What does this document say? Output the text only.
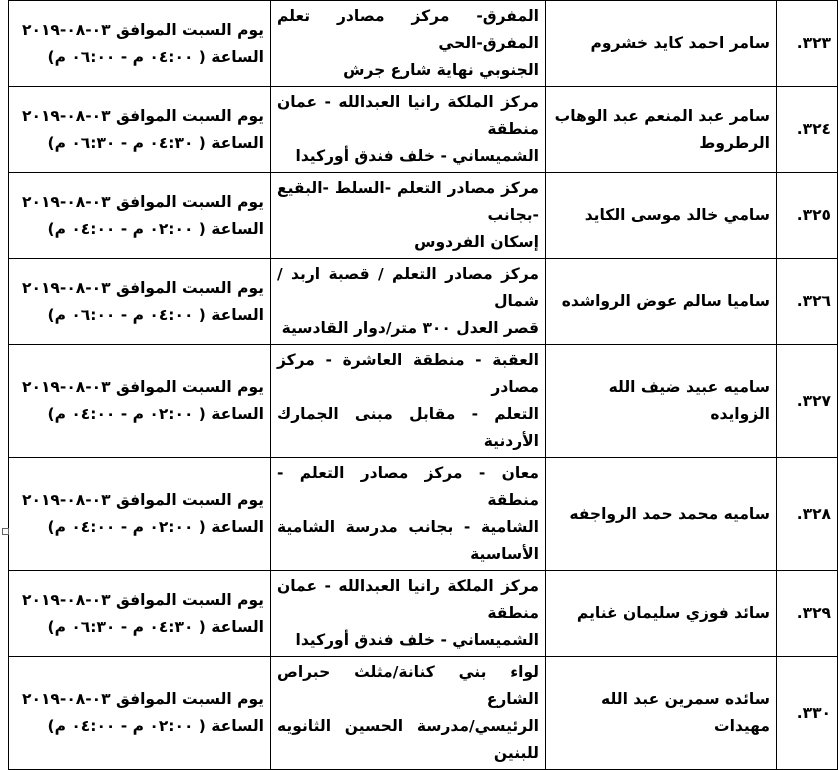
٣٢٣.	سامر احمد كايد خشروم	المفرق- مركز مصادر تعلم المفرق-الحي
الجنوبي نهاية شارع جرش	يوم السبت الموافق ٠٣-٠٨-٢٠١٩
الساعة ( ٠٤:٠٠ م - ٠٦:٠٠ م)

٣٢٤.	سامر عبد المنعم عبد الوهاب الرطروط	مركز الملكة رانيا العبدالله - عمان منطقة
الشميساني - خلف فندق أوركيدا	يوم السبت الموافق ٠٣-٠٨-٢٠١٩
الساعة ( ٠٤:٣٠ م - ٠٦:٣٠ م)

٣٢٥.	سامي خالد موسى الكايد	مركز مصادر التعلم -السلط -البقيع -بجانب
إسكان الفردوس	يوم السبت الموافق ٠٣-٠٨-٢٠١٩
الساعة ( ٠٢:٠٠ م - ٠٤:٠٠ م)

٣٢٦.	ساميا سالم عوض الرواشده	مركز مصادر التعلم / قصبة اربد / شمال
قصر العدل ٣٠٠ متر/دوار القادسية	يوم السبت الموافق ٠٣-٠٨-٢٠١٩
الساعة ( ٠٤:٠٠ م - ٠٦:٠٠ م)

٣٢٧.	ساميه عبيد ضيف الله الزوايده	العقبة - منطقة العاشرة - مركز مصادر
التعلم - مقابل مبنى الجمارك الأردنية	يوم السبت الموافق ٠٣-٠٨-٢٠١٩
الساعة ( ٠٢:٠٠ م - ٠٤:٠٠ م)

٣٢٨.	ساميه محمد حمد الرواجفه	معان - مركز مصادر التعلم - منطقة
الشامية - بجانب مدرسة الشامية الأساسية	يوم السبت الموافق ٠٣-٠٨-٢٠١٩
الساعة ( ٠٢:٠٠ م - ٠٤:٠٠ م)

٣٢٩.	سائد فوزي سليمان غنايم	مركز الملكة رانيا العبدالله - عمان منطقة
الشميساني - خلف فندق أوركيدا	يوم السبت الموافق ٠٣-٠٨-٢٠١٩
الساعة ( ٠٤:٣٠ م - ٠٦:٣٠ م)

٣٣٠.	سائده سمرين عبد الله مهيدات	لواء بني كنانة/مثلث حبراص الشارع
الرئيسي/مدرسة الحسين الثانويه للبنين	يوم السبت الموافق ٠٣-٠٨-٢٠١٩
الساعة ( ٠٢:٠٠ م - ٠٤:٠٠ م)
